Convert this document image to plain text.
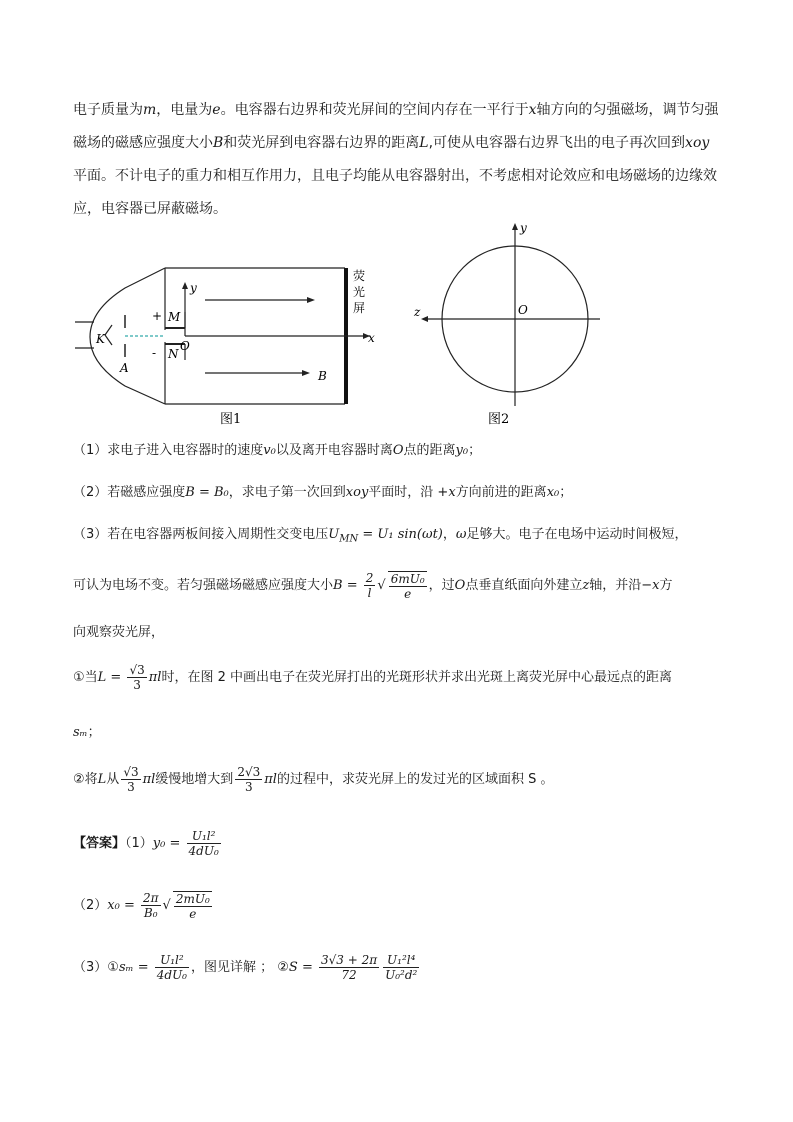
电子质量为m，电量为e。电容器右边界和荧光屏间的空间内存在一平行于x轴方向的匀强磁场，调节匀强
磁场的磁感应强度大小B和荧光屏到电容器右边界的距离L,可使从电容器右边界飞出的电子再次回到xoy
平面。不计电子的重力和相互作用力，且电子均能从电容器射出，不考虑相对论效应和电场磁场的边缘效
应，电容器已屏蔽磁场。
y
x
+ M
- N
O
K
A
B
荧
光
屏
图1
y
z	O
图2
（1）求电子进入电容器时的速度v₀以及离开电容器时离O点的距离y₀；
（2）若磁感应强度B = B₀，求电子第一次回到xoy平面时，沿 +x方向前进的距离x₀；
（3）若在电容器两板间接入周期性交变电压$U_{MN} = U_1$ sin(ωt)，ω足够大。电子在电场中运动时间极短，
可认为电场不变。若匀强磁场磁感应强度大小$B = \frac{2}{l}$ √ $\frac{\text{6mU₀}}{e}$ ，过O点垂直纸面向外建立z轴，并沿−x方
向观察荧光屏，
①当$L = \frac{√3}{3}$ πl时，在图 2 中画出电子在荧光屏打出的光斑形状并求出光斑上离荧光屏中心最远点的距离
sₘ；
②将L从 $\frac{√3}{3}$ πl缓慢地增大到 $\frac{2√3}{3}$ πl的过程中，求荧光屏上的发过光的区域面积 S 。
【答案】$(1)y_0 = \frac{\text{U₁l²}}{\text{4dU₀}}$
$(2)x_0 = \frac{2\pi}{\text{B₀}}$ √ $\frac{\text{2mU₀}}{e}$
（3）①sₘ = $\frac{\text{U₁l²}}{\text{4dU₀}}$ ，图见详解 ； ②S = $\frac{3√3 + 2\pi}{72} \frac{\text{U₁²l⁴}}{\text{U₀²d²}}$
